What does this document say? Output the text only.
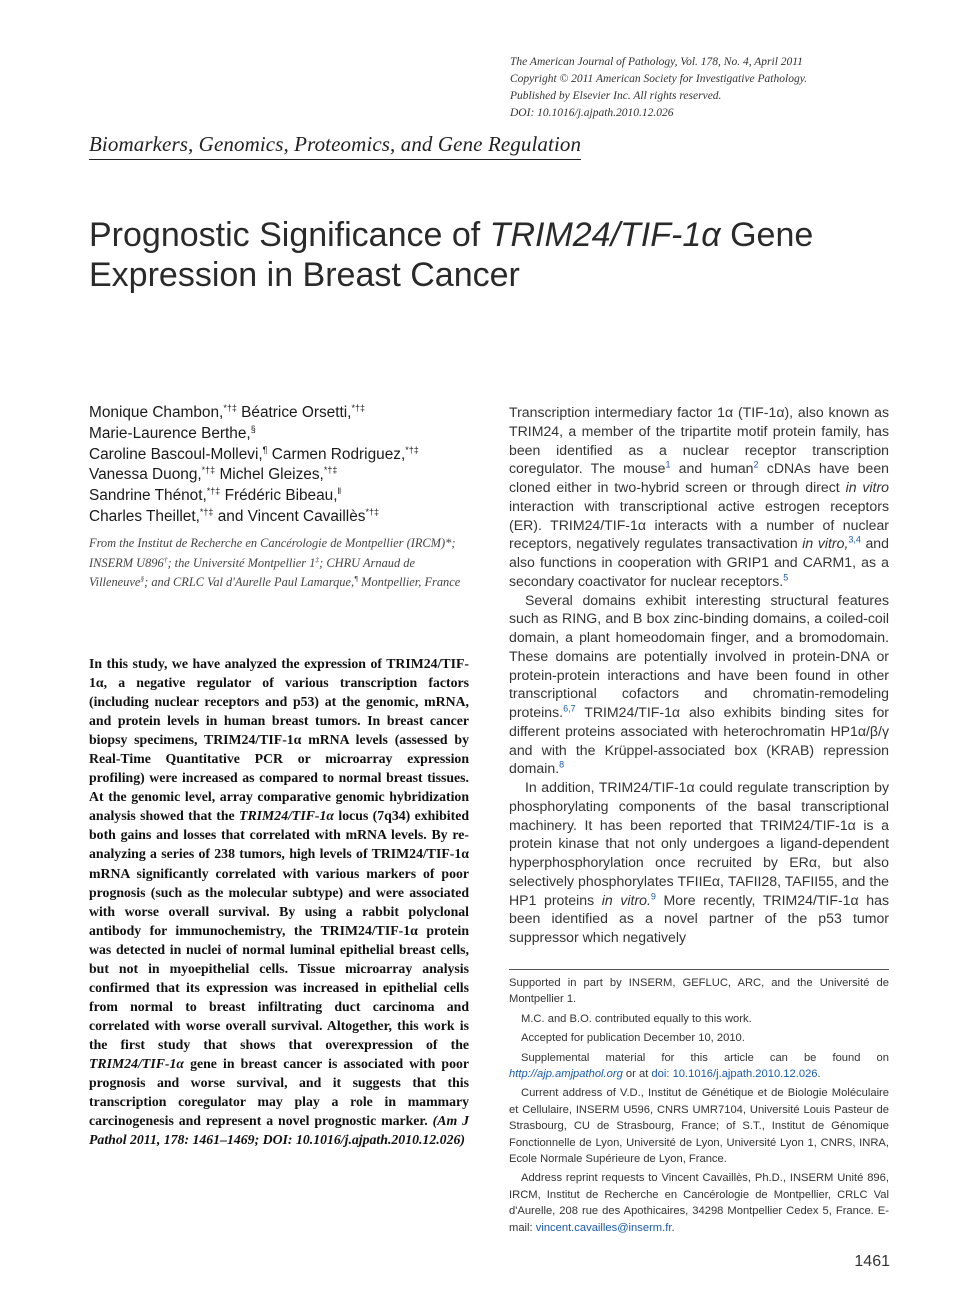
The American Journal of Pathology, Vol. 178, No. 4, April 2011
Copyright © 2011 American Society for Investigative Pathology.
Published by Elsevier Inc. All rights reserved.
DOI: 10.1016/j.ajpath.2010.12.026
Biomarkers, Genomics, Proteomics, and Gene Regulation
Prognostic Significance of TRIM24/TIF-1α Gene Expression in Breast Cancer
Monique Chambon,*†‡ Béatrice Orsetti,*†‡
Marie-Laurence Berthe,§
Caroline Bascoul-Mollevi,¶ Carmen Rodriguez,*†‡
Vanessa Duong,*†‡ Michel Gleizes,*†‡
Sandrine Thénot,*†‡ Frédéric Bibeau,‖
Charles Theillet,*†‡ and Vincent Cavaillès*†‡
From the Institut de Recherche en Cancérologie de Montpellier (IRCM)*; INSERM U896†; the Université Montpellier 1‡; CHRU Arnaud de Villeneuve§; and CRLC Val d'Aurelle Paul Lamarque,¶ Montpellier, France
In this study, we have analyzed the expression of TRIM24/TIF-1α, a negative regulator of various transcription factors (including nuclear receptors and p53) at the genomic, mRNA, and protein levels in human breast tumors. In breast cancer biopsy specimens, TRIM24/TIF-1α mRNA levels (assessed by Real-Time Quantitative PCR or microarray expression profiling) were increased as compared to normal breast tissues. At the genomic level, array comparative genomic hybridization analysis showed that the TRIM24/TIF-1α locus (7q34) exhibited both gains and losses that correlated with mRNA levels. By re-analyzing a series of 238 tumors, high levels of TRIM24/TIF-1α mRNA significantly correlated with various markers of poor prognosis (such as the molecular subtype) and were associated with worse overall survival. By using a rabbit polyclonal antibody for immunochemistry, the TRIM24/TIF-1α protein was detected in nuclei of normal luminal epithelial breast cells, but not in myoepithelial cells. Tissue microarray analysis confirmed that its expression was increased in epithelial cells from normal to breast infiltrating duct carcinoma and correlated with worse overall survival. Altogether, this work is the first study that shows that overexpression of the TRIM24/TIF-1α gene in breast cancer is associated with poor prognosis and worse survival, and it suggests that this transcription coregulator may play a role in mammary carcinogenesis and represent a novel prognostic marker. (Am J Pathol 2011, 178: 1461–1469; DOI: 10.1016/j.ajpath.2010.12.026)

Transcription intermediary factor 1α (TIF-1α), also known as TRIM24, a member of the tripartite motif protein family, has been identified as a nuclear receptor transcription coregulator. The mouse$^1$ and human$^2$ cDNAs have been cloned either in two-hybrid screen or through direct in vitro interaction with transcriptional active estrogen receptors (ER). TRIM24/TIF-1α interacts with a number of nuclear receptors, negatively regulates transactivation in vitro,$^{3,4}$ and also functions in cooperation with GRIP1 and CARM1, as a secondary coactivator for nuclear receptors.$^5$

Several domains exhibit interesting structural features such as RING, and B box zinc-binding domains, a coiled-coil domain, a plant homeodomain finger, and a bromodomain. These domains are potentially involved in protein-DNA or protein-protein interactions and have been found in other transcriptional cofactors and chromatin-remodeling proteins.$^{6,7}$ TRIM24/TIF-1α also exhibits binding sites for different proteins associated with heterochromatin HP1α/β/γ and with the Krüppel-associated box (KRAB) repression domain.$^8$

In addition, TRIM24/TIF-1α could regulate transcription by phosphorylating components of the basal transcriptional machinery. It has been reported that TRIM24/TIF-1α is a protein kinase that not only undergoes a ligand-dependent hyperphosphorylation once recruited by ERα, but also selectively phosphorylates TFIIEα, TAFII28, TAFII55, and the HP1 proteins in vitro.$^9$ More recently, TRIM24/TIF-1α has been identified as a novel partner of the p53 tumor suppressor which negatively

Supported in part by INSERM, GEFLUC, ARC, and the Université de Montpellier 1.

M.C. and B.O. contributed equally to this work.

Accepted for publication December 10, 2010.

Supplemental material for this article can be found on http://ajp.amjpathol.org or at doi: 10.1016/j.ajpath.2010.12.026.

Current address of V.D., Institut de Génétique et de Biologie Moléculaire et Cellulaire, INSERM U596, CNRS UMR7104, Université Louis Pasteur de Strasbourg, CU de Strasbourg, France; of S.T., Institut de Génomique Fonctionnelle de Lyon, Université de Lyon, Université Lyon 1, CNRS, INRA, Ecole Normale Supérieure de Lyon, France.

Address reprint requests to Vincent Cavaillès, Ph.D., INSERM Unité 896, IRCM, Institut de Recherche en Cancérologie de Montpellier, CRLC Val d'Aurelle, 208 rue des Apothicaires, 34298 Montpellier Cedex 5, France. E-mail: vincent.cavailles@inserm.fr.

1461
